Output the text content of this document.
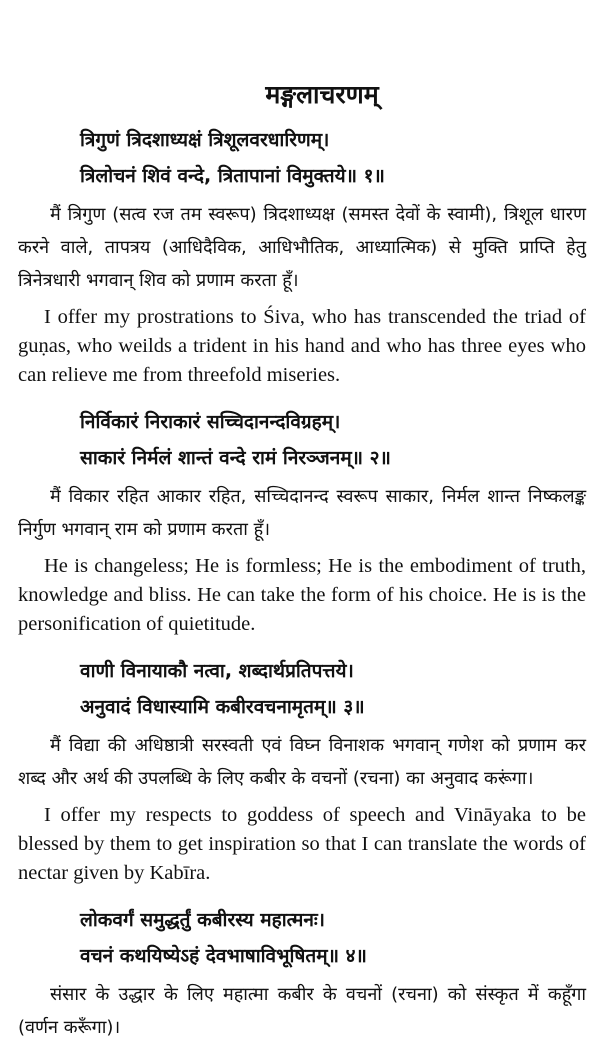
मङ्गलाचरणम्
त्रिगुणं त्रिदशाध्यक्षं त्रिशूलवरधारिणम्।
त्रिलोचनं शिवं वन्दे, त्रितापानां विमुक्तये॥ १॥

मैं त्रिगुण (सत्व रज तम स्वरूप) त्रिदशाध्यक्ष (समस्त देवों के स्वामी), त्रिशूल धारण करने वाले, तापत्रय (आधिदैविक, आधिभौतिक, आध्यात्मिक) से मुक्ति प्राप्ति हेतु त्रिनेत्रधारी भगवान् शिव को प्रणाम करता हूँ।

I offer my prostrations to Śiva, who has transcended the triad of guṇas, who weilds a trident in his hand and who has three eyes who can relieve me from threefold miseries.

निर्विकारं निराकारं सच्चिदानन्दविग्रहम्।
साकारं निर्मलं शान्तं वन्दे रामं निरञ्जनम्॥ २॥

मैं विकार रहित आकार रहित, सच्चिदानन्द स्वरूप साकार, निर्मल शान्त निष्कलङ्क निर्गुण भगवान् राम को प्रणाम करता हूँ।

He is changeless; He is formless; He is the embodiment of truth, knowledge and bliss. He can take the form of his choice. He is is the personification of quietitude.

वाणी विनायाकौ नत्वा, शब्दार्थप्रतिपत्तये।
अनुवादं विधास्यामि कबीरवचनामृतम्॥ ३॥

मैं विद्या की अधिष्ठात्री सरस्वती एवं विघ्न विनाशक भगवान् गणेश को प्रणाम कर शब्द और अर्थ की उपलब्धि के लिए कबीर के वचनों (रचना) का अनुवाद करूंगा।

I offer my respects to goddess of speech and Vināyaka to be blessed by them to get inspiration so that I can translate the words of nectar given by Kabīra.

लोकवर्गं समुद्धर्तुं कबीरस्य महात्मनः।
वचनं कथयिष्येऽहं देवभाषाविभूषितम्॥ ४॥

संसार के उद्धार के लिए महात्मा कबीर के वचनों (रचना) को संस्कृत में कहूँगा (वर्णन करूँगा)।
